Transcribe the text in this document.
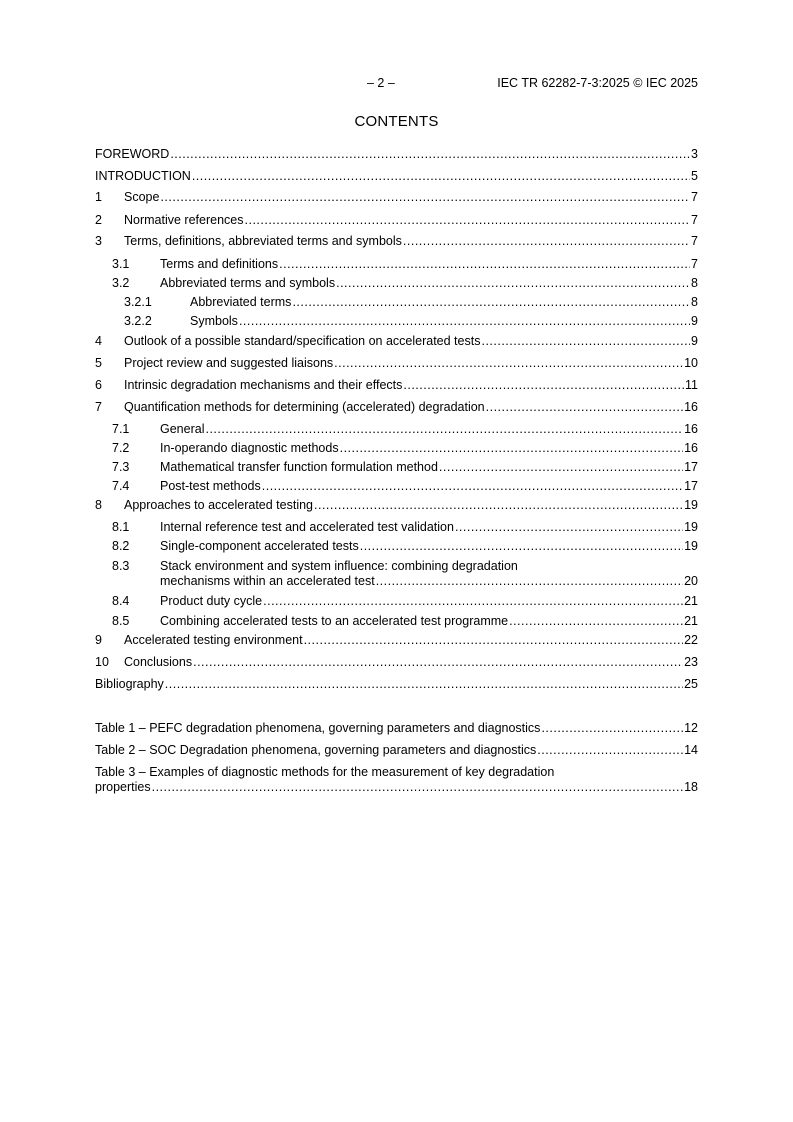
– 2 –	IEC TR 62282-7-3:2025 © IEC 2025
CONTENTS
FOREWORD .....	3
INTRODUCTION .....	5
1	Scope .....	7
2	Normative references .....	7
3	Terms, definitions, abbreviated terms and symbols .....	7
3.1	Terms and definitions .....	7
3.2	Abbreviated terms and symbols .....	8
3.2.1	Abbreviated terms .....	8
3.2.2	Symbols .....	9
4	Outlook of a possible standard/specification on accelerated tests .....	9
5	Project review and suggested liaisons .....	10
6	Intrinsic degradation mechanisms and their effects .....	11
7	Quantification methods for determining (accelerated) degradation .....	16
7.1	General .....	16
7.2	In-operando diagnostic methods .....	16
7.3	Mathematical transfer function formulation method .....	17
7.4	Post-test methods .....	17
8	Approaches to accelerated testing .....	19
8.1	Internal reference test and accelerated test validation .....	19
8.2	Single-component accelerated tests .....	19
8.3 Stack environment and system influence: combining degradation
mechanisms within an accelerated test .....	20
8.4	Product duty cycle .....	21
8.5	Combining accelerated tests to an accelerated test programme .....	21
9	Accelerated testing environment .....	22
10	Conclusions .....	23
Bibliography .....	25
Table 1 – PEFC degradation phenomena, governing parameters and diagnostics .....	12
Table 2 – SOC Degradation phenomena, governing parameters and diagnostics .....	14
Table 3 – Examples of diagnostic methods for the measurement of key degradation
properties .....	18
